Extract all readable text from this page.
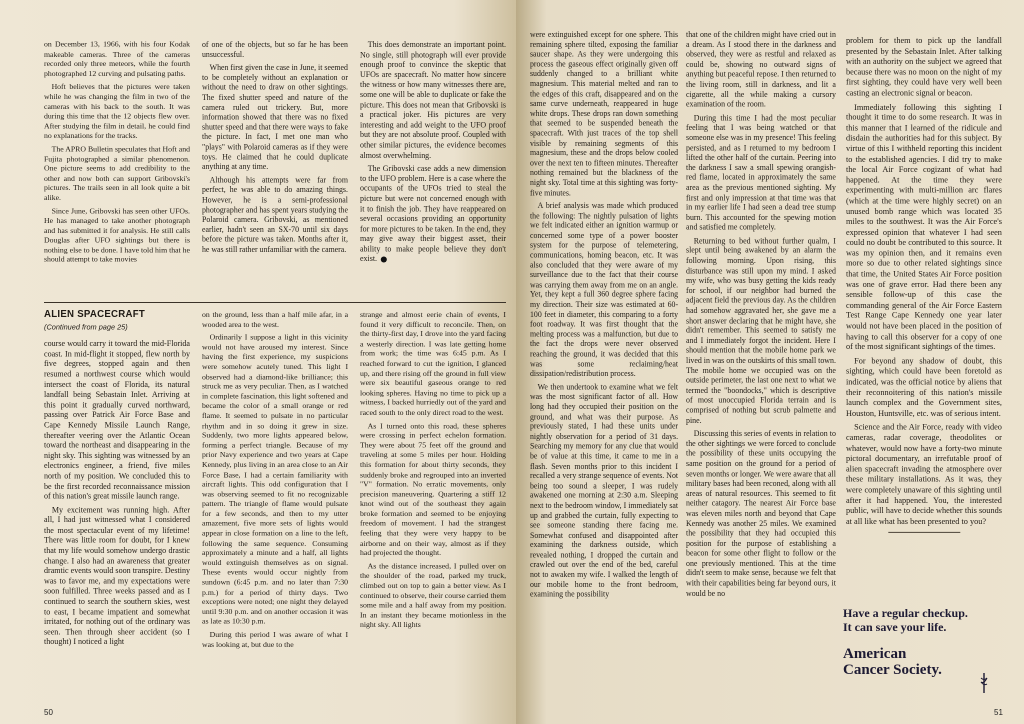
on December 13, 1966, with his four Kodak makeable cameras. Three of the cameras recorded only three meteors, while the fourth photographed 12 curving and pulsating paths.

Hoft believes that the pictures were taken while he was changing the film in two of the cameras with his back to the south. It was during this time that the 12 objects flew over. After studying the film in detail, he could find no explanations for the tracks.

The APRO Bulletin speculates that Hoft and Fujita photographed a similar phenomenon. One picture seems to add credibility to the other and now both can support Gribovski's pictures. The trails seen in all look quite a bit alike.

Since June, Gribovski has seen other UFOs. He has managed to take another photograph and has submitted it for analysis. He still calls Douglas after UFO sightings but there is nothing else to be done. I have told him that he should attempt to take movies

of one of the objects, but so far he has been unsuccessful.

When first given the case in June, it seemed to be completely without an explanation or without the need to draw on other sightings. The fixed shutter speed and nature of the camera ruled out trickery. But, more information showed that there was no fixed shutter speed and that there were ways to fake the picture. In fact, I met one man who "plays" with Polaroid cameras as if they were toys. He claimed that he could duplicate anything at any time.

Although his attempts were far from perfect, he was able to do amazing things. However, he is a semi-professional photographer and has spent years studying the Polaroid camera. Gribovski, as mentioned earlier, hadn't seen an SX-70 until six days before the picture was taken. Months after it, he was still rather unfamiliar with the camera.

This does demonstrate an important point. No single, still photograph will ever provide enough proof to convince the skeptic that UFOs are spacecraft. No matter how sincere the witness or how many witnesses there are, some one will be able to duplicate or fake the picture. This does not mean that Gribovski is a practical joker. His pictures are very interesting and add weight to the UFO proof but they are not absolute proof. Coupled with other similar pictures, the evidence becomes almost overwhelming.

The Gribovski case adds a new dimension to the UFO problem. Here is a case where the occupants of the UFOs tried to steal the picture but were not concerned enough with it to finish the job. They have reappeared on several occasions providing an opportunity for more pictures to be taken. In the end, they may give away their biggest asset, their ability to make people believe they don't exist.

ALIEN SPACECRAFT
(Continued from page 25)

course would carry it toward the mid-Florida coast. In mid-flight it stopped, flew north by five degrees, stopped again and then resumed a northwest course which would intersect the coast of Florida, its natural landfall being Sebastain Inlet. Arriving at this point it gradually curved northward, passing over Patrick Air Force Base and Cape Kennedy Missile Launch Range, thereafter veering over the Atlantic Ocean toward the northeast and disappearing in the night sky. This sighting was witnessed by an electronics engineer, a friend, five miles north of my position. We concluded this to be the first recorded reconnaissance mission of this nation's great missile launch range.

My excitement was running high. After all, I had just witnessed what I considered the most spectacular event of my lifetime! There was little room for doubt, for I knew that my life would somehow undergo drastic change. I also had an awareness that greater dramtic events would soon transpire. Destiny was to favor me, and my expectations were soon fulfilled. Three weeks passed and as I continued to search the southern skies, west to east, I became impatient and somewhat irritated, for nothing out of the ordinary was seen. Then through sheer accident (so I thought) I noticed a light

on the ground, less than a half mile afar, in a wooded area to the west.

Ordinarily I suppose a light in this vicinity would not have aroused my interest. Since having the first experience, my suspicions were somehow acutely tuned. This light I observed had a diamond-like brilliance; this struck me as very peculiar. Then, as I watched in complete fascination, this light softened and became the color of a small orange or red flame. It seemed to pulsate in no particular rhythm and in so doing it grew in size. Suddenly, two more lights appeared below, forming a perfect triangle. Because of my prior Navy experience and two years at Cape Kennedy, plus living in an area close to an Air Force Base, I had a certain familiarity with aircraft lights. This odd configuration that I was observing seemed to fit no recognizable pattern. The triangle of flame would pulsate for a few seconds, and then to my utter amazement, five more sets of lights would appear in close formation on a line to the left, following the same sequence. Consuming approximately a minute and a half, all lights would extinguish themselves as on signal. These events would occur nightly from sundown (6:45 p.m. and no later than 7:30 p.m.) for a period of thirty days. Two exceptions were noted; one night they delayed until 9:30 p.m. and on another occasion it was as late as 10:30 p.m.

During this period I was aware of what I was looking at, but due to the

strange and almost eerie chain of events, I found it very difficult to reconcile. Then, on the thirty-first day, I drove into the yard facing a westerly direction. I was late getting home from work; the time was 6:45 p.m. As I reached forward to cut the ignition, I glanced up, and there rising off the ground in full view were six beautiful gaseous orange to red looking spheres. Having no time to pick up a witness, I backed hurriedly out of the yard and raced south to the only direct road to the west.

As I turned onto this road, these spheres were crossing in perfect echelon formation. They were about 75 feet off the ground and traveling at some 5 miles per hour. Holding this formation for about thirty seconds, they suddenly broke and regrouped into an inverted "V" formation. No erratic movements, only precision maneuvering. Quartering a stiff 12 knot wind out of the southeast they again broke formation and seemed to be enjoying freedom of movement. I had the strangest feeling that they were very happy to be airborne and on their way, almost as if they had projected the thought.

As the distance increased, I pulled over on the shoulder of the road, parked my truck, climbed out on top to gain a better view. As I continued to observe, their course carried them some mile and a half away from my position. In an instant they became motionless in the night sky. All lights

50

were extinguished except for one sphere. This remaining sphere tilted, exposing the familiar saucer shape. As they were undergoing this process the gaseous effect originally given off suddenly changed to a brilliant white magnesium. This material melted and ran to the edges of this craft, disappeared and on the same curve underneath, reappeared in huge white drops. These drops ran down something that seemed to be suspended beneath the spacecraft. With just traces of the top shell visible by remaining segments of this magnesium, these and the drops below cooled over the next ten to fifteen minutes. Thereafter nothing remained but the blackness of the night sky. Total time at this sighting was forty-five minutes.

A brief analysis was made which produced the following: The nightly pulsation of lights we felt indicated either an ignition warmup or concerned some type of a power booster system for the purpose of telemetering, communications, homing beacon, etc. It was also concluded that they were aware of my surveillance due to the fact that their course was carrying them away from me on an angle. Yet, they kept a full 360 degree sphere facing my direction. Their size was estimated at 60-100 feet in diameter, this comparing to a forty foot roadway. It was first thought that the melting process was a malfunction, but due to the fact the drops were never observed reaching the ground, it was decided that this was some reclaiming/heat dissipation/redistribution process.

We then undertook to examine what we felt was the most significant factor of all. How long had they occupied their position on the ground, and what was their purpose. As previously stated, I had these units under nightly observation for a period of 31 days. Searching my memory for any clue that would be of value at this time, it came to me in a flash. Seven months prior to this incident I recalled a very strange sequence of events. Not being too sound a sleeper, I was rudely awakened one morning at 2:30 a.m. Sleeping next to the bedroom window, I immediately sat up and grabbed the curtain, fully expecting to see someone standing there facing me. Somewhat confused and disappointed after examining the darkness outside, which revealed nothing, I dropped the curtain and crawled out over the end of the bed, careful not to awaken my wife. I walked the length of our mobile home to the front bedroom, examining the possibility

that one of the children might have cried out in a dream. As I stood there in the darkness and observed, they were as restful and relaxed as could be, showing no outward signs of anything but peaceful repose. I then returned to the living room, still in darkness, and lit a cigarette, all the while making a cursory examination of the room.

During this time I had the most peculiar feeling that I was being watched or that someone else was in my presence! This feeling persisted, and as I returned to my bedroom I lifted the other half of the curtain. Peering into the darkness I saw a small spewing orangish-red flame, located in approximately the same area as the previous mentioned sighting. My first and only impression at that time was that in my earlier life I had seen a dead tree stump burn. This accounted for the spewing motion and satisfied me completely.

Returning to bed without further qualm, I slept until being awakened by an alarm the following morning. Upon rising, this disturbance was still upon my mind. I asked my wife, who was busy getting the kids ready for school, if our neighbor had burned the adjacent field the previous day. As the children had somehow aggravated her, she gave me a short answer declaring that he might have, she didn't remember. This seemed to satisfy me and I immediately forgot the incident. Here I should mention that the mobile home park we lived in was on the outskirts of this small town. The mobile home we occupied was on the outside perimeter, the last one next to what we termed the "boondocks," which is descriptive of most unoccupied Florida terrain and is comprised of nothing but scrub palmette and pine.

Discussing this series of events in relation to the other sightings we were forced to conclude the possibility of these units occupying the same position on the ground for a period of seven months or longer. We were aware that all military bases had been reconed, along with all areas of natural resources. This seemed to fit neither catagory. The nearest Air Force base was eleven miles north and beyond that Cape Kennedy was another 25 miles. We examined the possibility that they had occupied this position for the purpose of establishing a beacon for some other flight to follow or the one previously mentioned. This at the time didn't seem to make sense, because we felt that with their capabilities being far beyond ours, it would be no

problem for them to pick up the landfall presented by the Sebastain Inlet. After talking with an authority on the subject we agreed that because there was no moon on the night of my first sighting, they could have very well been casting an electronic signal or beacon.

Immediately following this sighting I thought it time to do some research. It was in this manner that I learned of the ridicule and disdain the authorities had for this subject. By virtue of this I withheld reporting this incident to the established agencies. I did try to make the local Air Force cogizant of what had happened. At the time they were experimenting with multi-million arc flares (which at the time were highly secret) on an unused bomb range which was located 35 miles to the southwest. It was the Air Force's expressed opinion that whatever I had seen could no doubt be contributed to this source. It was my opinion then, and it remains even more so due to other related sightings since that time, the United States Air Force position was one of grave error. Had there been any sensible follow-up of this case the commanding general of the Air Force Eastern Test Range Cape Kennedy one year later would not have been placed in the position of having to call this observer for a copy of one of the most significant sightings of the times.

For beyond any shadow of doubt, this sighting, which could have been foretold as indicated, was the official notice by aliens that their reconnoitering of this nation's missile launch complex and the Government sites, Houston, Huntsville, etc. was of serious intent.

Science and the Air Force, ready with video cameras, radar coverage, theodolites or whatever, would now have a forty-two minute pictoral documentary, an irrefutable proof of alien spacecraft invading the atmosphere over these military installations. As it was, they were completely unaware of this sighting until after it had happened. You, the interested public, will have to decide whether this sounds at all like what has been presented to you?

51
Have a regular checkup.
It can save your life.
American
Cancer Society.
